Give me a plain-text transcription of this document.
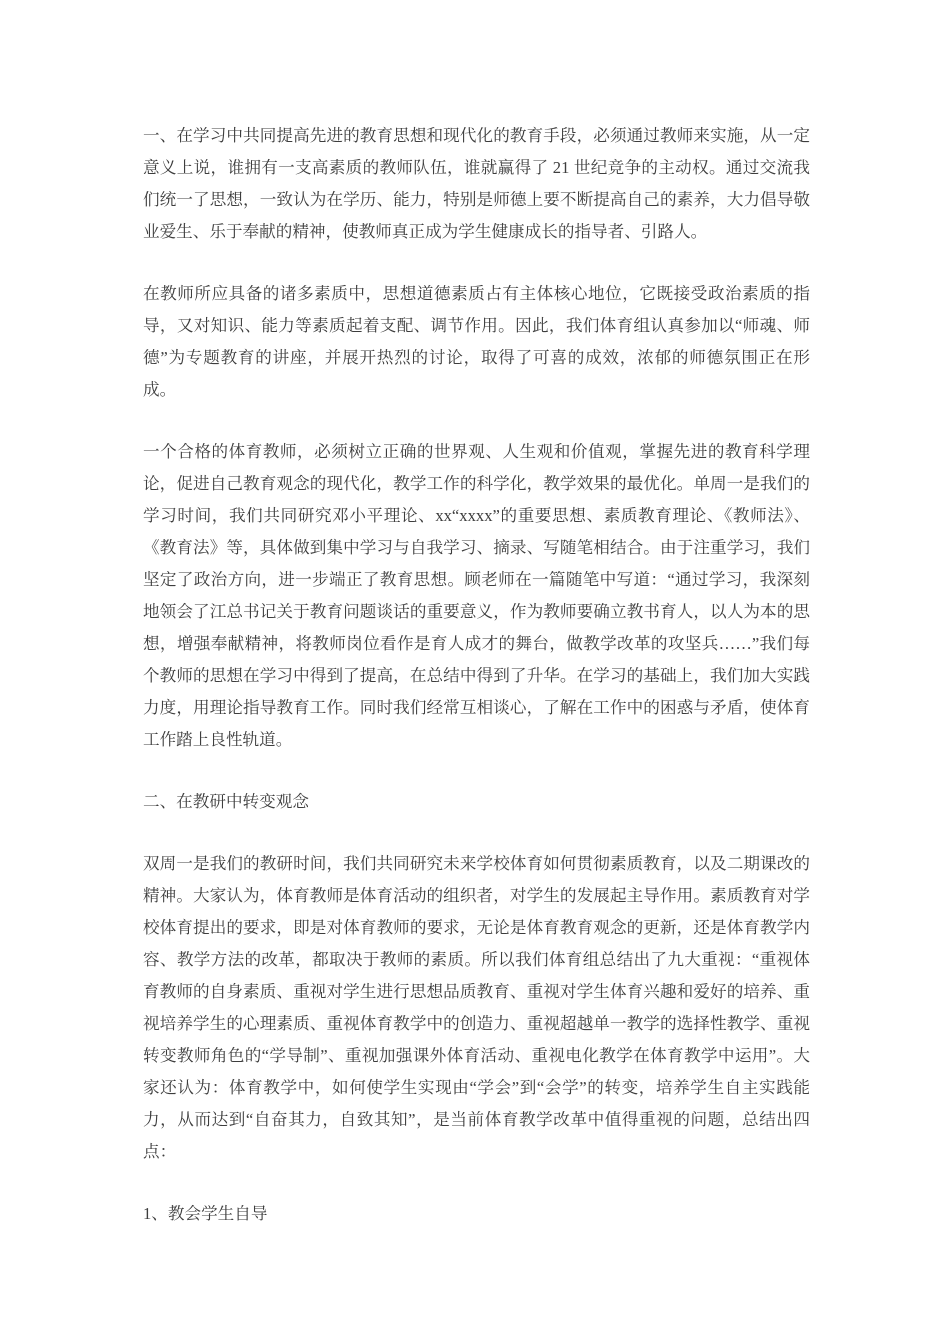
一、在学习中共同提高先进的教育思想和现代化的教育手段，必须通过教师来实施，从一定意义上说，谁拥有一支高素质的教师队伍，谁就赢得了 21 世纪竞争的主动权。通过交流我们统一了思想，一致认为在学历、能力，特别是师德上要不断提高自己的素养，大力倡导敬业爱生、乐于奉献的精神，使教师真正成为学生健康成长的指导者、引路人。

在教师所应具备的诸多素质中，思想道德素质占有主体核心地位，它既接受政治素质的指导，又对知识、能力等素质起着支配、调节作用。因此，我们体育组认真参加以“师魂、师德”为专题教育的讲座，并展开热烈的讨论，取得了可喜的成效，浓郁的师德氛围正在形成。

一个合格的体育教师，必须树立正确的世界观、人生观和价值观，掌握先进的教育科学理论，促进自己教育观念的现代化，教学工作的科学化，教学效果的最优化。单周一是我们的学习时间，我们共同研究邓小平理论、xx“xxxx”的重要思想、素质教育理论、《教师法》、《教育法》等，具体做到集中学习与自我学习、摘录、写随笔相结合。由于注重学习，我们坚定了政治方向，进一步端正了教育思想。顾老师在一篇随笔中写道：“通过学习，我深刻地领会了江总书记关于教育问题谈话的重要意义，作为教师要确立教书育人，以人为本的思想，增强奉献精神，将教师岗位看作是育人成才的舞台，做教学改革的攻坚兵……”我们每个教师的思想在学习中得到了提高，在总结中得到了升华。在学习的基础上，我们加大实践力度，用理论指导教育工作。同时我们经常互相谈心，了解在工作中的困惑与矛盾，使体育工作踏上良性轨道。

二、在教研中转变观念

双周一是我们的教研时间，我们共同研究未来学校体育如何贯彻素质教育，以及二期课改的精神。大家认为，体育教师是体育活动的组织者，对学生的发展起主导作用。素质教育对学校体育提出的要求，即是对体育教师的要求，无论是体育教育观念的更新，还是体育教学内容、教学方法的改革，都取决于教师的素质。所以我们体育组总结出了九大重视：“重视体育教师的自身素质、重视对学生进行思想品质教育、重视对学生体育兴趣和爱好的培养、重视培养学生的心理素质、重视体育教学中的创造力、重视超越单一教学的选择性教学、重视转变教师角色的“学导制”、重视加强课外体育活动、重视电化教学在体育教学中运用”。大家还认为：体育教学中，如何使学生实现由“学会”到“会学”的转变，培养学生自主实践能力，从而达到“自奋其力，自致其知”，是当前体育教学改革中值得重视的问题，总结出四点：

1、教会学生自导
